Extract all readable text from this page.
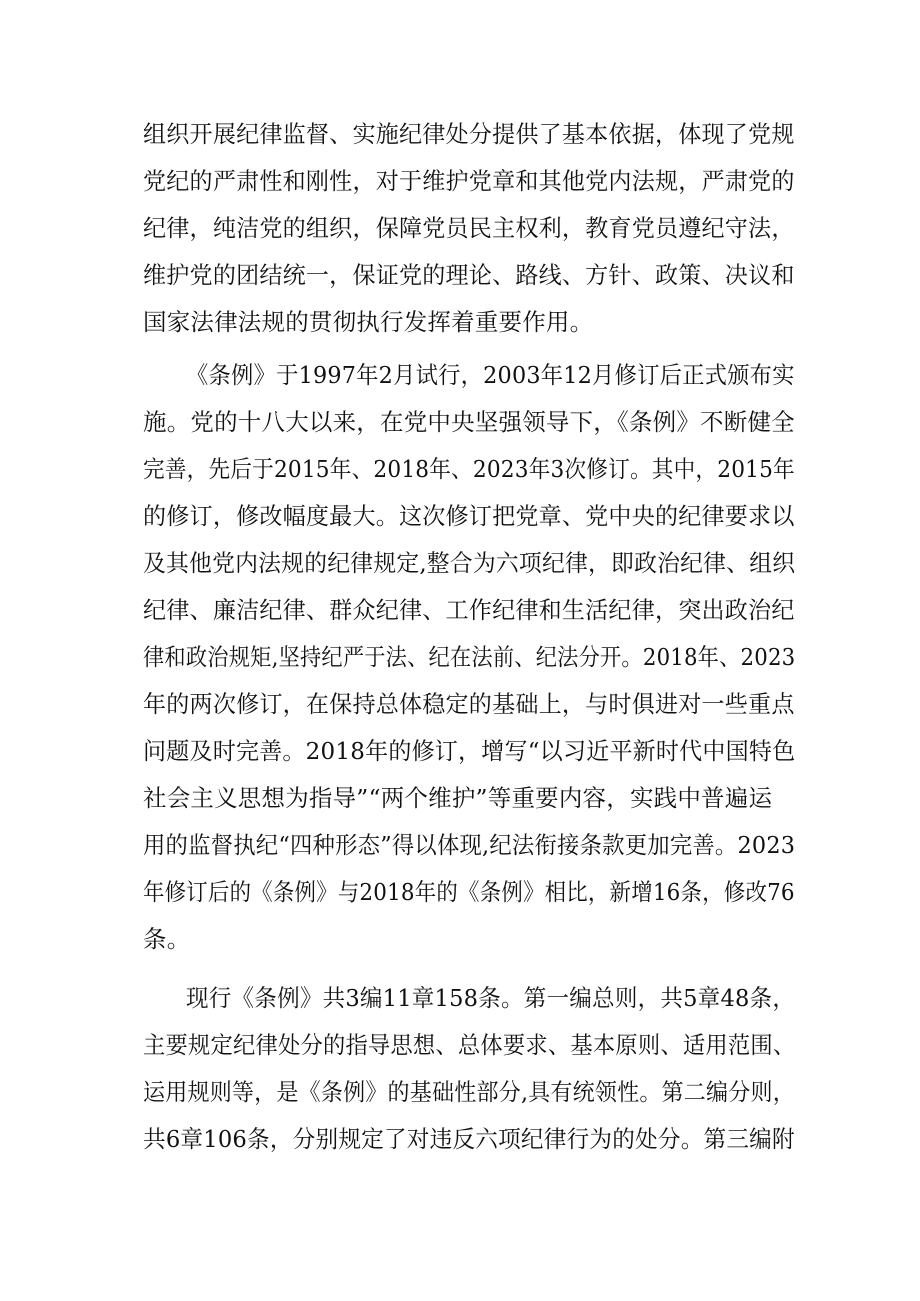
组织开展纪律监督、实施纪律处分提供了基本依据，体现了党规
党纪的严肃性和刚性，对于维护党章和其他党内法规，严肃党的
纪律，纯洁党的组织，保障党员民主权利，教育党员遵纪守法，
维护党的团结统一，保证党的理论、路线、方针、政策、决议和
国家法律法规的贯彻执行发挥着重要作用。
《条例》于1997年2月试行，2003年12月修订后正式颁布实
施。党的十八大以来，在党中央坚强领导下，《条例》不断健全
完善，先后于2015年、2018年、2023年3次修订。其中，2015年
的修订，修改幅度最大。这次修订把党章、党中央的纪律要求以
及其他党内法规的纪律规定,整合为六项纪律，即政治纪律、组织
纪律、廉洁纪律、群众纪律、工作纪律和生活纪律，突出政治纪
律和政治规矩,坚持纪严于法、纪在法前、纪法分开。2018年、2023
年的两次修订，在保持总体稳定的基础上，与时俱进对一些重点
问题及时完善。2018年的修订，增写“以习近平新时代中国特色
社会主义思想为指导”“两个维护”等重要内容，实践中普遍运
用的监督执纪“四种形态”得以体现,纪法衔接条款更加完善。2023
年修订后的《条例》与2018年的《条例》相比，新增16条，修改76
条。
现行《条例》共3编11章158条。第一编总则，共5章48条，
主要规定纪律处分的指导思想、总体要求、基本原则、适用范围、
运用规则等，是《条例》的基础性部分,具有统领性。第二编分则，
共6章106条，分别规定了对违反六项纪律行为的处分。第三编附
